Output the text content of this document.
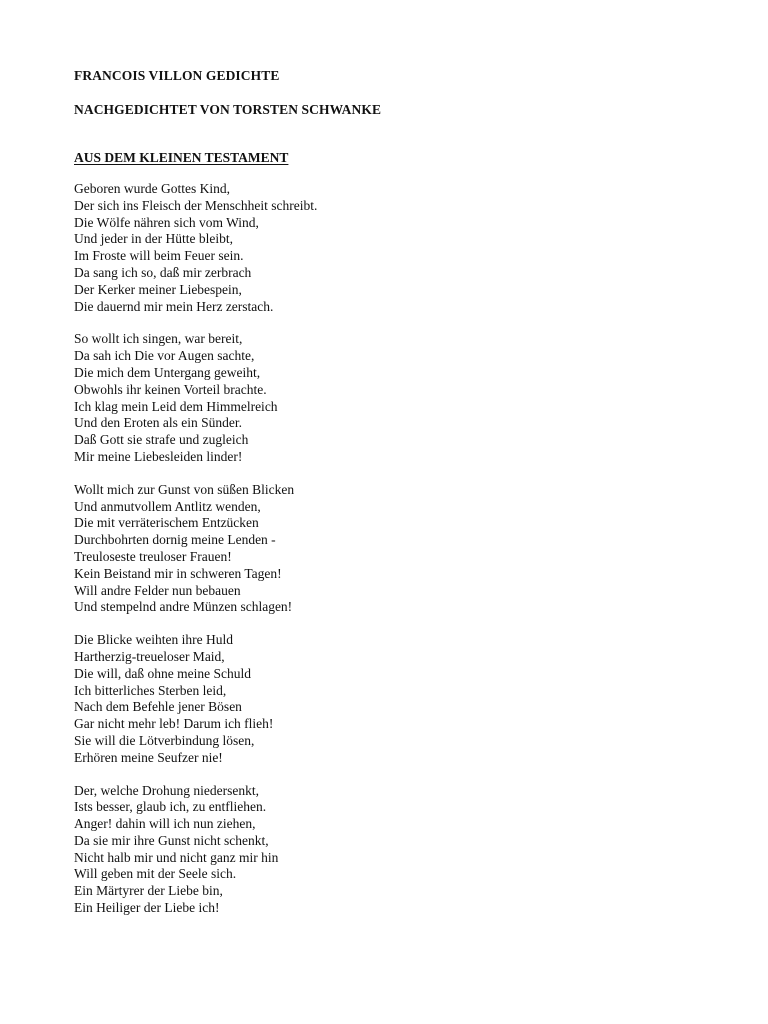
FRANCOIS VILLON GEDICHTE
NACHGEDICHTET VON TORSTEN SCHWANKE
AUS DEM KLEINEN TESTAMENT
Geboren wurde Gottes Kind,
Der sich ins Fleisch der Menschheit schreibt.
Die Wölfe nähren sich vom Wind,
Und jeder in der Hütte bleibt,
Im Froste will beim Feuer sein.
Da sang ich so, daß mir zerbrach
Der Kerker meiner Liebespein,
Die dauernd mir mein Herz zerstach.
So wollt ich singen, war bereit,
Da sah ich Die vor Augen sachte,
Die mich dem Untergang geweiht,
Obwohls ihr keinen Vorteil brachte.
Ich klag mein Leid dem Himmelreich
Und den Eroten als ein Sünder.
Daß Gott sie strafe und zugleich
Mir meine Liebesleiden linder!
Wollt mich zur Gunst von süßen Blicken
Und anmutvollem Antlitz wenden,
Die mit verräterischem Entzücken
Durchbohrten dornig meine Lenden -
Treuloseste treuloser Frauen!
Kein Beistand mir in schweren Tagen!
Will andre Felder nun bebauen
Und stempelnd andre Münzen schlagen!
Die Blicke weihten ihre Huld
Hartherzig-treueloser Maid,
Die will, daß ohne meine Schuld
Ich bitterliches Sterben leid,
Nach dem Befehle jener Bösen
Gar nicht mehr leb! Darum ich flieh!
Sie will die Lötverbindung lösen,
Erhören meine Seufzer nie!
Der, welche Drohung niedersenkt,
Ists besser, glaub ich, zu entfliehen.
Anger! dahin will ich nun ziehen,
Da sie mir ihre Gunst nicht schenkt,
Nicht halb mir und nicht ganz mir hin
Will geben mit der Seele sich.
Ein Märtyrer der Liebe bin,
Ein Heiliger der Liebe ich!
